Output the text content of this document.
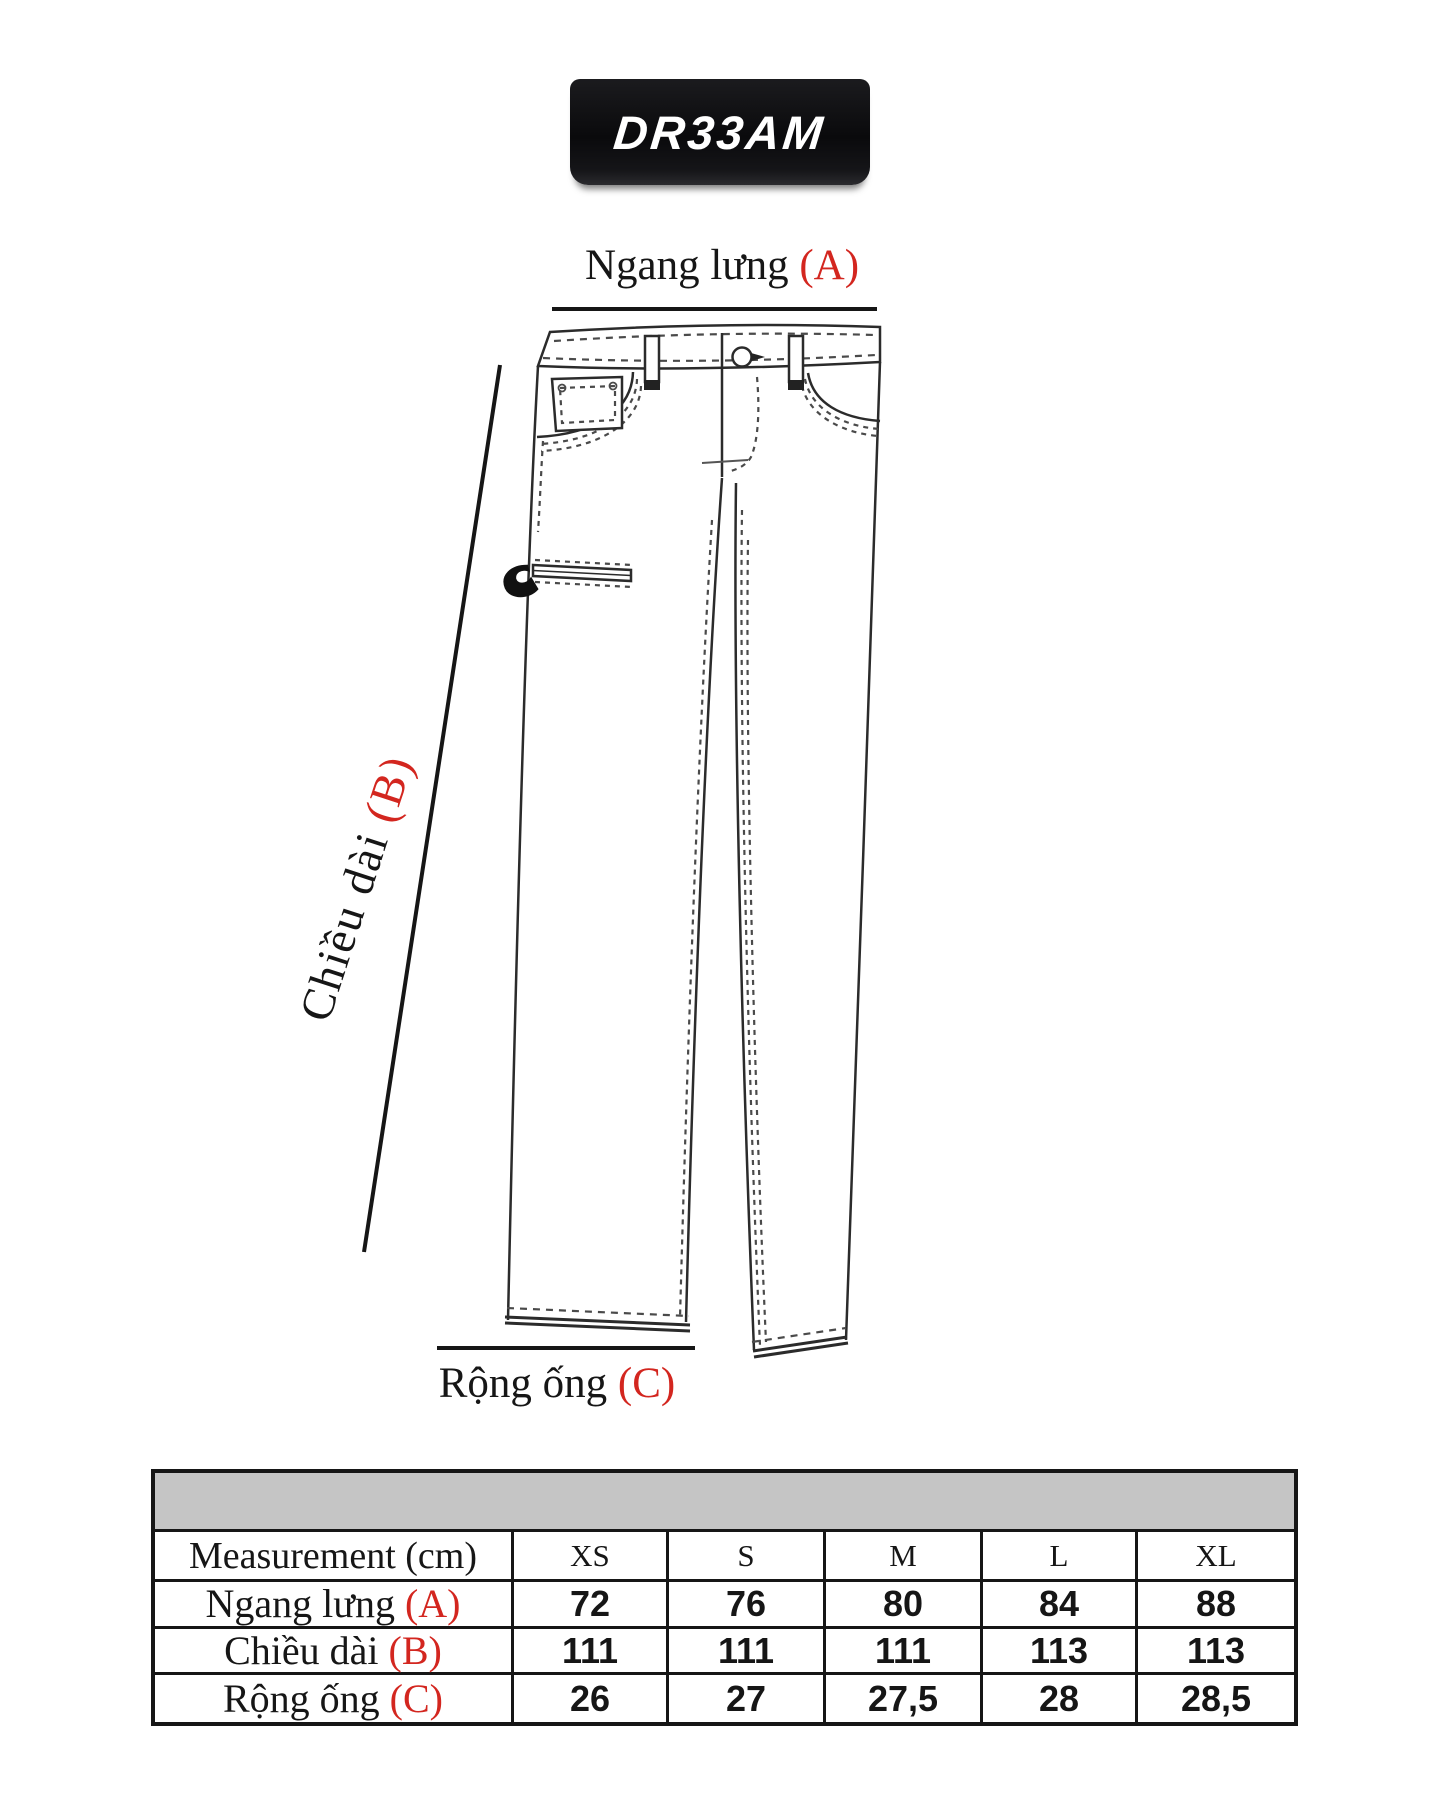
DR33AM
Ngang lưng (A)
Chiều dài (B)
Rộng ống (C)
Measurement (cm)	XS	S	M	L	XL
Ngang lưng (A)	72	76	80	84	88
Chiều dài (B)	111	111	111	113	113
Rộng ống (C)	26	27	27,5	28	28,5
